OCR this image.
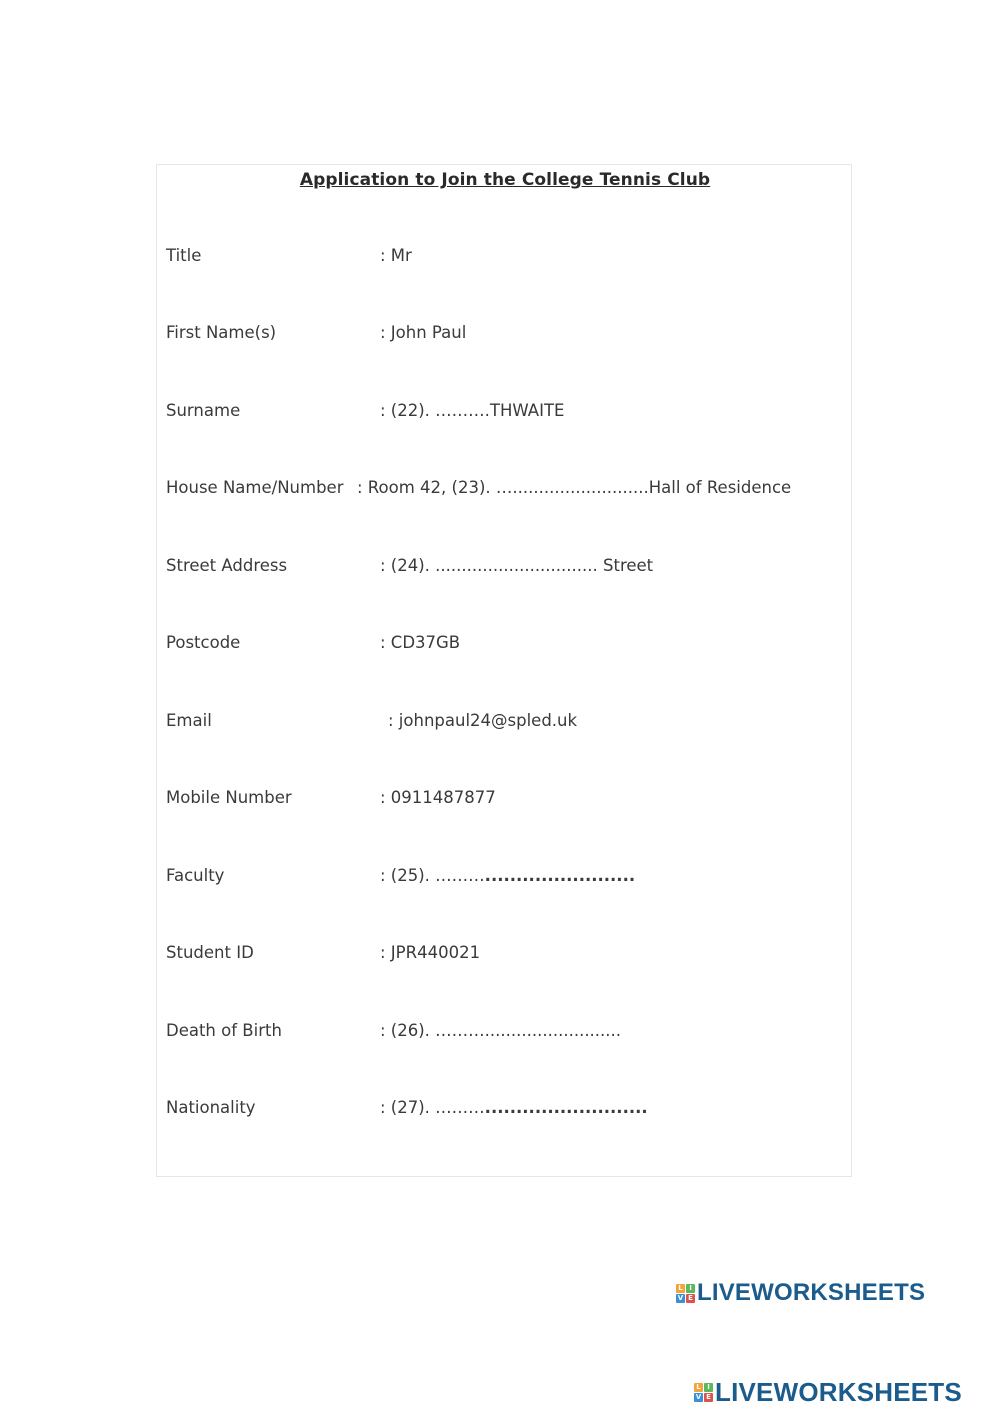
Application to Join the College Tennis Club
Title	: Mr
First Name(s)	: John Paul
Surname	: (22). ……….THWAITE
House Name/Number : Room 42, (23). …..........................Hall of Residence
Street Address	: (24). ............................... Street
Postcode	: CD37GB
Email	: johnpaul24@spled.uk
Mobile Number	: 0911487877
Faculty	: (25). ………........................
Student ID	: JPR440021
Death of Birth	: (26). ………..........................
Nationality	: (27). ………..........................
L I
V E LIVEWORKSHEETS
L I
V E LIVEWORKSHEETS
